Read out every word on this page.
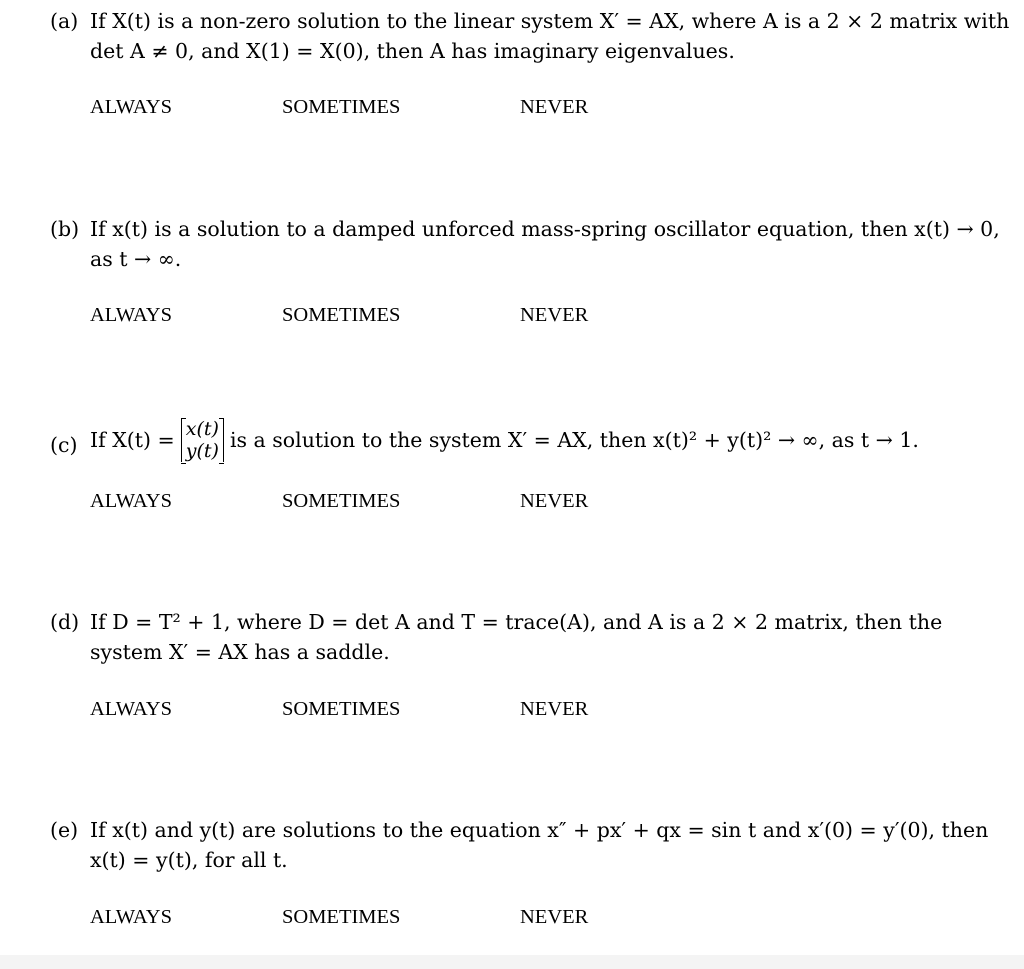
(a) If X(t) is a non-zero solution to the linear system X′ = AX, where A is a 2 × 2 matrix with det A ≠ 0, and X(1) = X(0), then A has imaginary eigenvalues.
ALWAYS	SOMETIMES	NEVER
(b) If x(t) is a solution to a damped unforced mass-spring oscillator equation, then x(t) → 0, as t → ∞.
ALWAYS	SOMETIMES	NEVER
(c) If X(t) = x(t)
y(t) is a solution to the system X′ = AX, then x(t)² + y(t)² → ∞, as t → 1.
ALWAYS	SOMETIMES	NEVER
(d) If D = T² + 1, where D = det A and T = trace(A), and A is a 2 × 2 matrix, then the system X′ = AX has a saddle.
ALWAYS	SOMETIMES	NEVER
(e) If x(t) and y(t) are solutions to the equation x″ + px′ + qx = sin t and x′(0) = y′(0), then x(t) = y(t), for all t.
ALWAYS	SOMETIMES	NEVER
